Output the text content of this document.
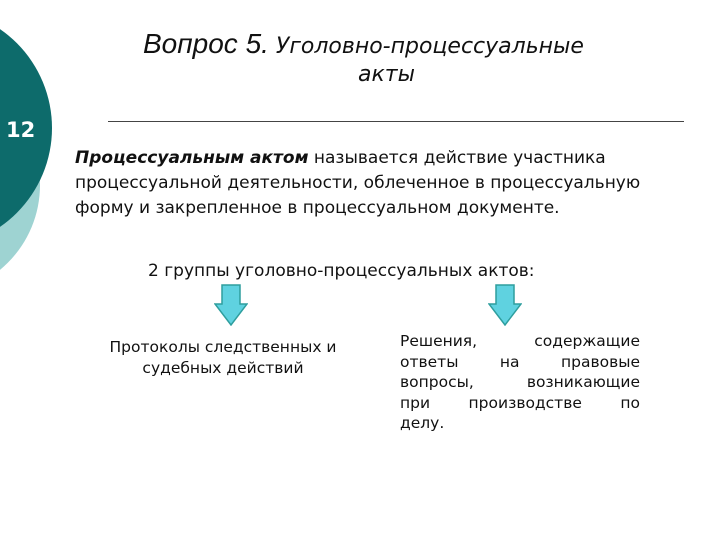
12
Вопрос 5. Уголовно-процессуальные
акты
Процессуальным актом называется действие участника процессуальной деятельности, облеченное в процессуальную форму и закрепленное в процессуальном документе.
2 группы уголовно-процессуальных актов:
Протоколы следственных и
судебных действий
Решения, содержащие
ответы на правовые
вопросы, возникающие
при производстве по
делу.
